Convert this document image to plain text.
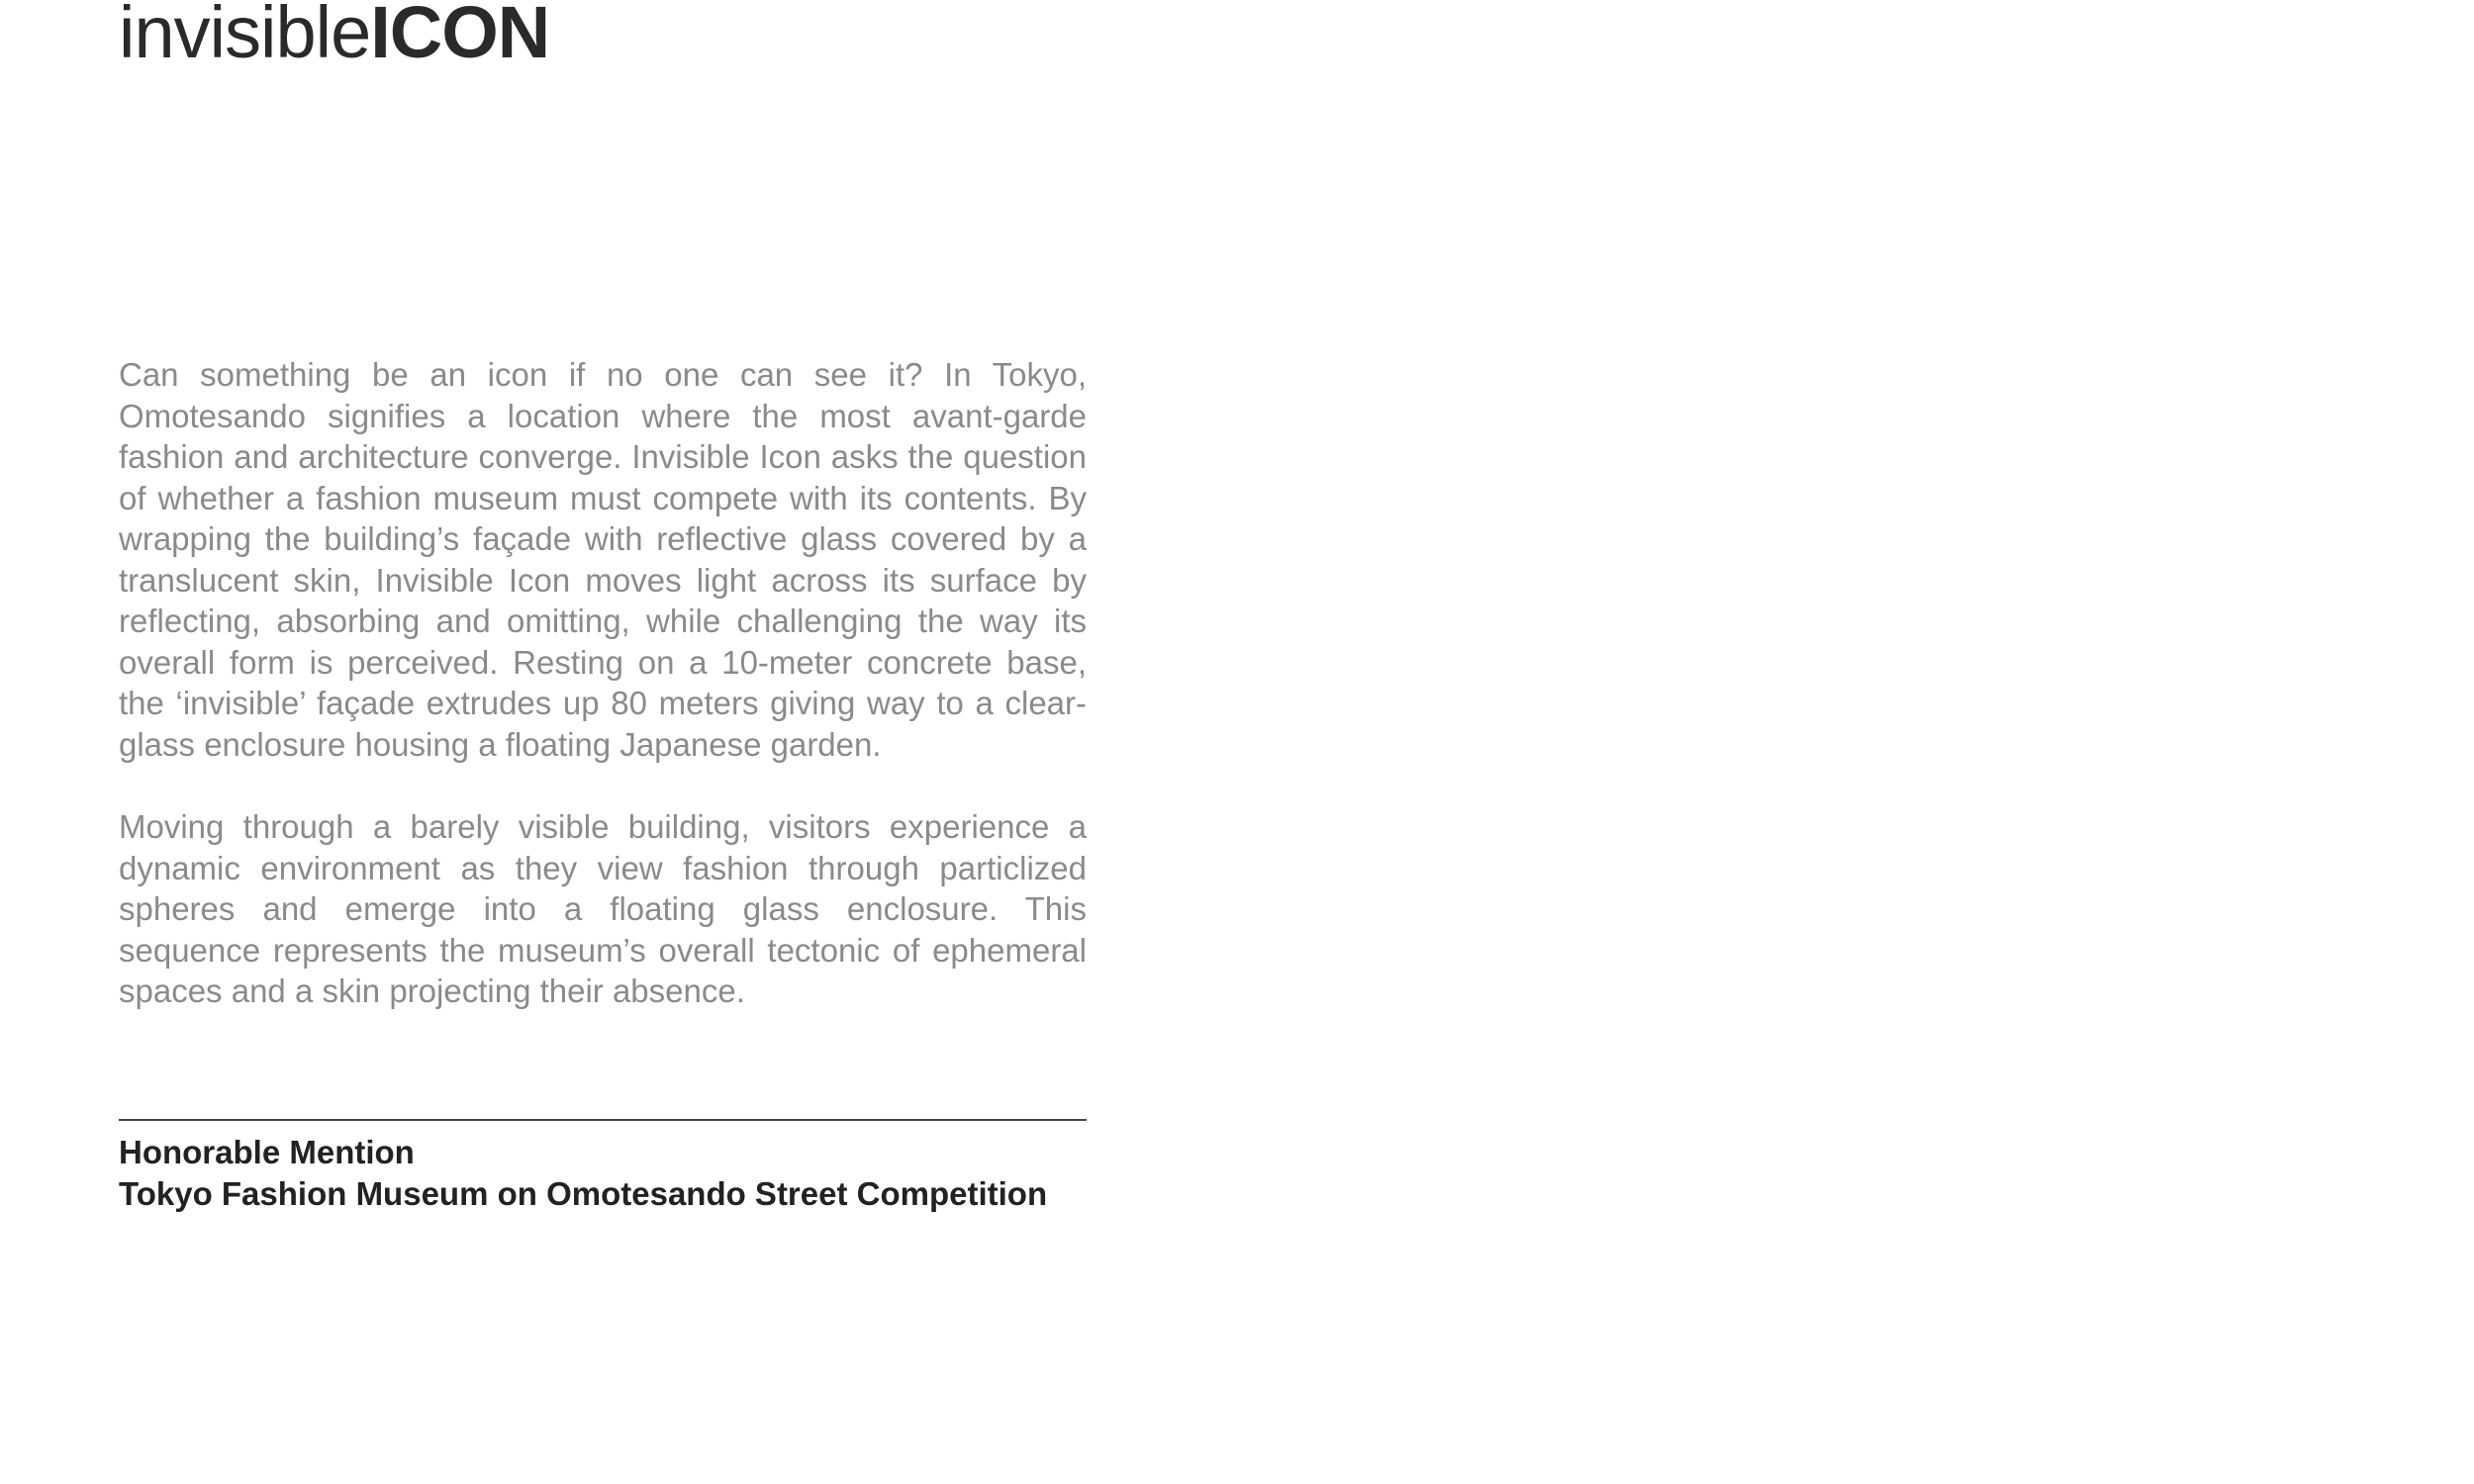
invisibleICON

Can something be an icon if no one can see it? In Tokyo, Omotesando signifies a location where the most avant-garde fashion and architecture converge. Invisible Icon asks the question of whether a fashion museum must compete with its contents. By wrapping the building’s façade with reflective glass covered by a translucent skin, Invisible Icon moves light across its surface by reflecting, absorbing and omitting, while challenging the way its overall form is perceived. Resting on a 10-meter concrete base, the ‘invisible’ façade extrudes up 80 meters giving way to a clear-glass enclosure housing a floating Japanese garden.

Moving through a barely visible building, visitors experience a dynamic environment as they view fashion through particlized spheres and emerge into a floating glass enclosure. This sequence represents the museum’s overall tectonic of ephemeral spaces and a skin projecting their absence.

Honorable Mention
Tokyo Fashion Museum on Omotesando Street Competition
